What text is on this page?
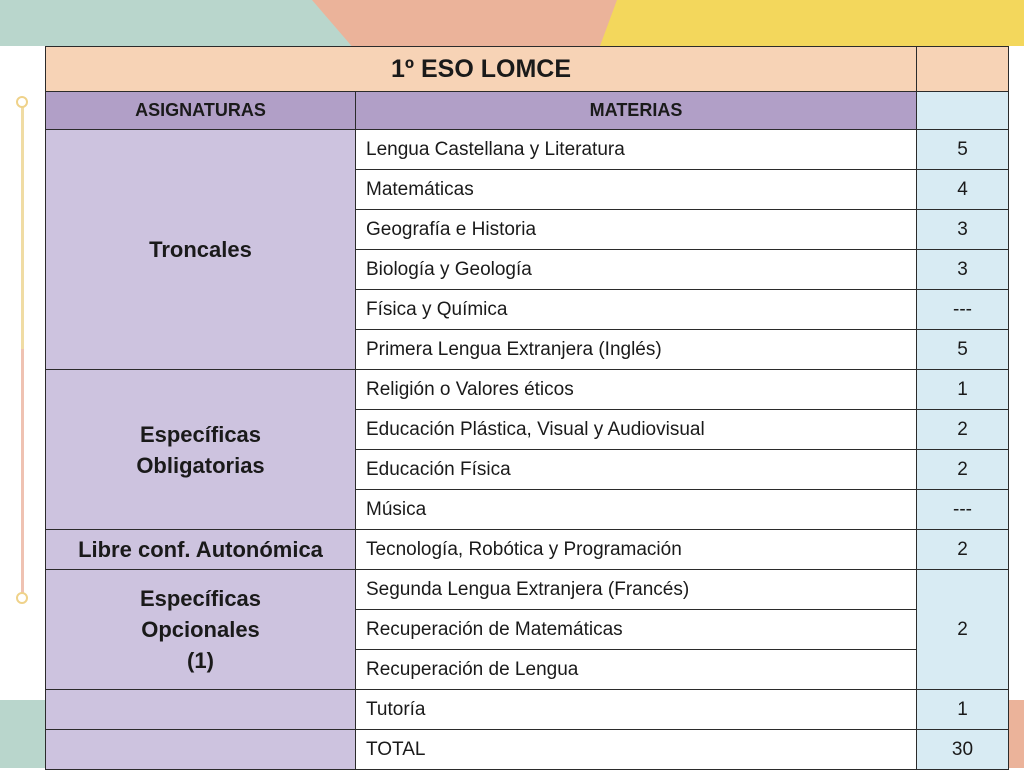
1º ESO LOMCE		
ASIGNATURAS	MATERIAS	
Troncales	Lengua Castellana y Literatura	5
	Matemáticas	4
	Geografía e Historia	3
	Biología y Geología	3
	Física y Química	---
	Primera Lengua Extranjera (Inglés)	5
Específicas
Obligatorias	Religión o Valores éticos	1
	Educación Plástica, Visual y Audiovisual	2
	Educación Física	2
	Música	---
Libre conf. Autonómica	Tecnología, Robótica y Programación	2
Específicas
Opcionales
(1)	Segunda Lengua Extranjera (Francés)	2
	Recuperación de Matemáticas	
	Recuperación de Lengua	
	Tutoría	1
	TOTAL	30
